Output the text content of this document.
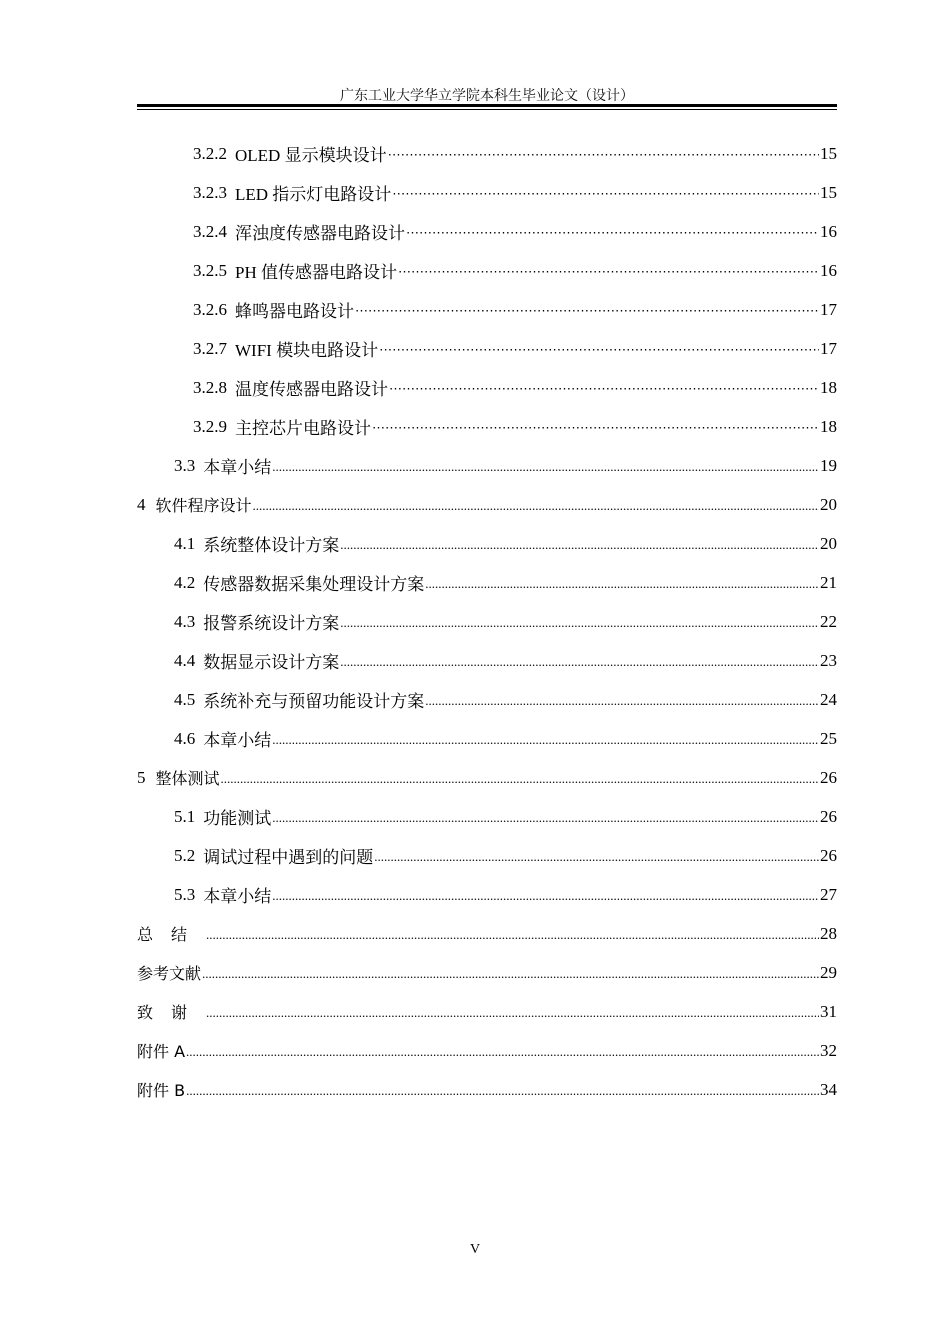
广东工业大学华立学院本科生毕业论文（设计）
3.2.2 OLED 显示模块设计 ⋯⋯⋯⋯⋯⋯⋯⋯⋯⋯⋯⋯⋯⋯⋯⋯⋯⋯⋯⋯⋯⋯⋯⋯⋯⋯⋯⋯⋯⋯⋯⋯⋯⋯⋯⋯⋯⋯⋯⋯⋯⋯⋯⋯⋯⋯⋯⋯⋯⋯	15
3.2.3 LED 指示灯电路设计 ⋯⋯⋯⋯⋯⋯⋯⋯⋯⋯⋯⋯⋯⋯⋯⋯⋯⋯⋯⋯⋯⋯⋯⋯⋯⋯⋯⋯⋯⋯⋯⋯⋯⋯⋯⋯⋯⋯⋯⋯⋯⋯⋯⋯⋯⋯⋯⋯⋯⋯	15
3.2.4 浑浊度传感器电路设计 ⋯⋯⋯⋯⋯⋯⋯⋯⋯⋯⋯⋯⋯⋯⋯⋯⋯⋯⋯⋯⋯⋯⋯⋯⋯⋯⋯⋯⋯⋯⋯⋯⋯⋯⋯⋯⋯⋯⋯⋯⋯⋯⋯⋯⋯⋯⋯⋯⋯⋯	16
3.2.5 PH 值传感器电路设计 ⋯⋯⋯⋯⋯⋯⋯⋯⋯⋯⋯⋯⋯⋯⋯⋯⋯⋯⋯⋯⋯⋯⋯⋯⋯⋯⋯⋯⋯⋯⋯⋯⋯⋯⋯⋯⋯⋯⋯⋯⋯⋯⋯⋯⋯⋯⋯⋯⋯⋯	16
3.2.6 蜂鸣器电路设计 ⋯⋯⋯⋯⋯⋯⋯⋯⋯⋯⋯⋯⋯⋯⋯⋯⋯⋯⋯⋯⋯⋯⋯⋯⋯⋯⋯⋯⋯⋯⋯⋯⋯⋯⋯⋯⋯⋯⋯⋯⋯⋯⋯⋯⋯⋯⋯⋯⋯⋯	17
3.2.7 WIFI 模块电路设计 ⋯⋯⋯⋯⋯⋯⋯⋯⋯⋯⋯⋯⋯⋯⋯⋯⋯⋯⋯⋯⋯⋯⋯⋯⋯⋯⋯⋯⋯⋯⋯⋯⋯⋯⋯⋯⋯⋯⋯⋯⋯⋯⋯⋯⋯⋯⋯⋯⋯⋯	17
3.2.8 温度传感器电路设计 ⋯⋯⋯⋯⋯⋯⋯⋯⋯⋯⋯⋯⋯⋯⋯⋯⋯⋯⋯⋯⋯⋯⋯⋯⋯⋯⋯⋯⋯⋯⋯⋯⋯⋯⋯⋯⋯⋯⋯⋯⋯⋯⋯⋯⋯⋯⋯⋯⋯⋯	18
3.2.9 主控芯片电路设计 ⋯⋯⋯⋯⋯⋯⋯⋯⋯⋯⋯⋯⋯⋯⋯⋯⋯⋯⋯⋯⋯⋯⋯⋯⋯⋯⋯⋯⋯⋯⋯⋯⋯⋯⋯⋯⋯⋯⋯⋯⋯⋯⋯⋯⋯⋯⋯⋯⋯⋯	18
3.3 本章小结 .....	19
4 软件程序设计 .....	20
4.1 系统整体设计方案 .....	20
4.2 传感器数据采集处理设计方案 .....	21
4.3 报警系统设计方案 .....	22
4.4 数据显示设计方案 .....	23
4.5 系统补充与预留功能设计方案 .....	24
4.6 本章小结 .....	25
5 整体测试 .....	26
5.1 功能测试 .....	26
5.2 调试过程中遇到的问题 .....	26
5.3 本章小结 .....	27
总结 .....	28
参考文献 .....	29
致谢 .....	31
附件 A .....	32
附件 B .....	34
V
